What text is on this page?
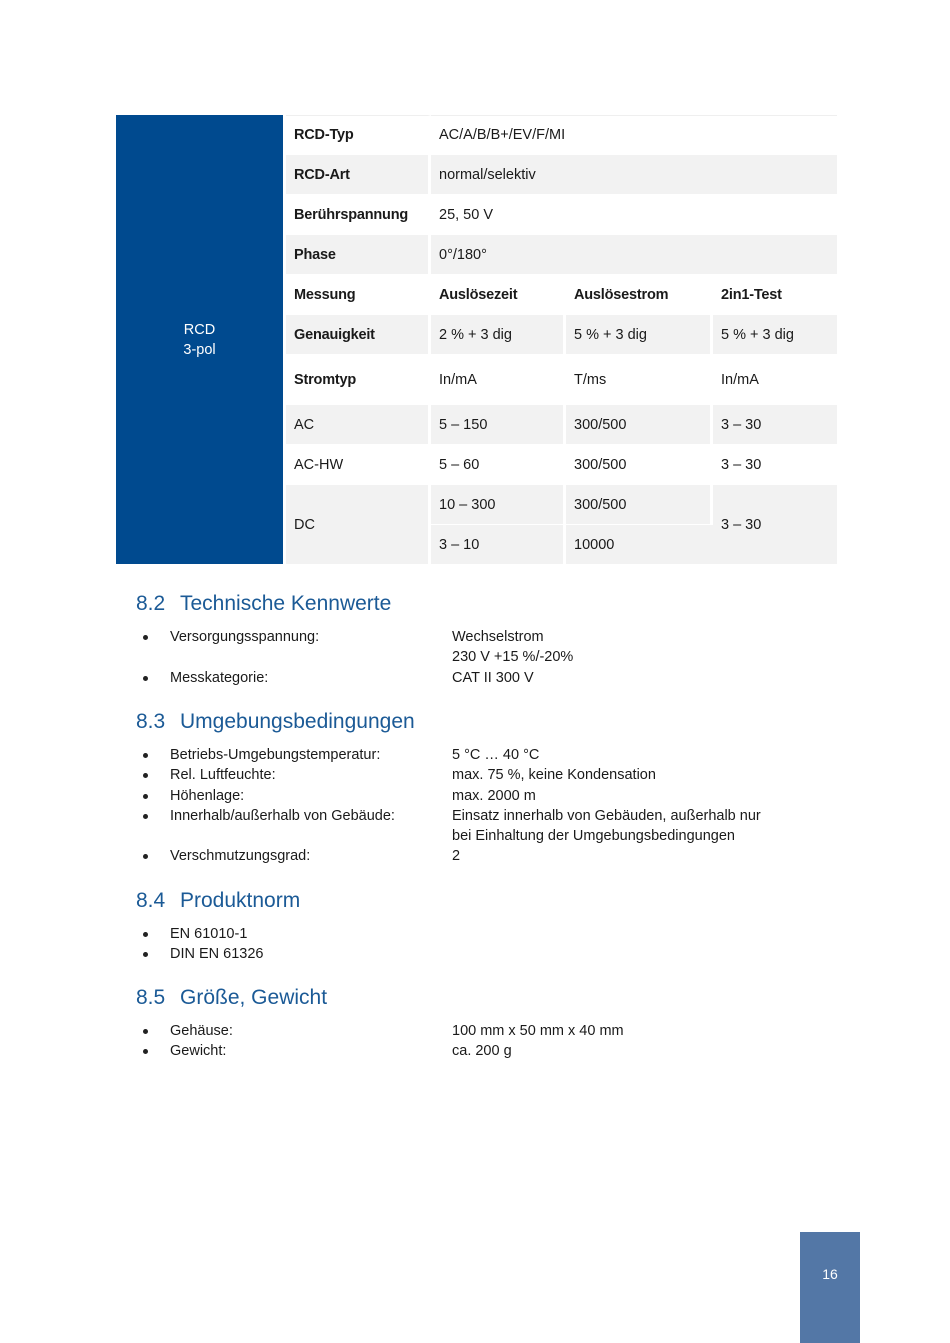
RCD
3-pol	RCD-Typ	AC/A/B/B+/EV/F/MI		
	RCD-Art	normal/selektiv		
	Berührspannung	25, 50 V		
	Phase	0°/180°		
	Messung	Auslösezeit	Auslösestrom	2in1-Test
	Genauigkeit	2 % + 3 dig	5 % + 3 dig	5 % + 3 dig
	Stromtyp	In/mA	T/ms	In/mA
	AC	5 – 150	300/500	3 – 30
	AC-HW	5 – 60	300/500	3 – 30
	DC	10 – 300	300/500	3 – 30
		3 – 10	10000	
8.2 Technische Kennwerte
Versorgungsspannung:	Wechselstrom
230 V +15 %/-20%
Messkategorie:	CAT II 300 V
8.3 Umgebungsbedingungen
Betriebs-Umgebungstemperatur:	5 °C … 40 °C
Rel. Luftfeuchte:	max. 75 %, keine Kondensation
Höhenlage:	max. 2000 m
Innerhalb/außerhalb von Gebäude:	Einsatz innerhalb von Gebäuden, außerhalb nur
bei Einhaltung der Umgebungsbedingungen
Verschmutzungsgrad:	2
8.4 Produktnorm
EN 61010-1
DIN EN 61326
8.5 Größe, Gewicht
Gehäuse:	100 mm x 50 mm x 40 mm
Gewicht:	ca. 200 g
16
